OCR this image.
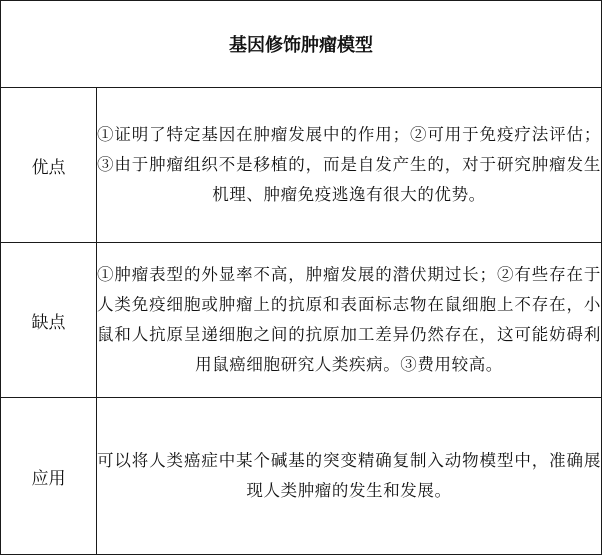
基因修饰肿瘤模型	
优点	①证明了特定基因在肿瘤发展中的作用；②可用于免疫疗法评估；③由于肿瘤组织不是移植的，而是自发产生的，对于研究肿瘤发生机理、肿瘤免疫逃逸有很大的优势。
缺点	①肿瘤表型的外显率不高，肿瘤发展的潜伏期过长；②有些存在于人类免疫细胞或肿瘤上的抗原和表面标志物在鼠细胞上不存在，小鼠和人抗原呈递细胞之间的抗原加工差异仍然存在，这可能妨碍利用鼠癌细胞研究人类疾病。③费用较高。
应用	可以将人类癌症中某个碱基的突变精确复制入动物模型中，准确展现人类肿瘤的发生和发展。
